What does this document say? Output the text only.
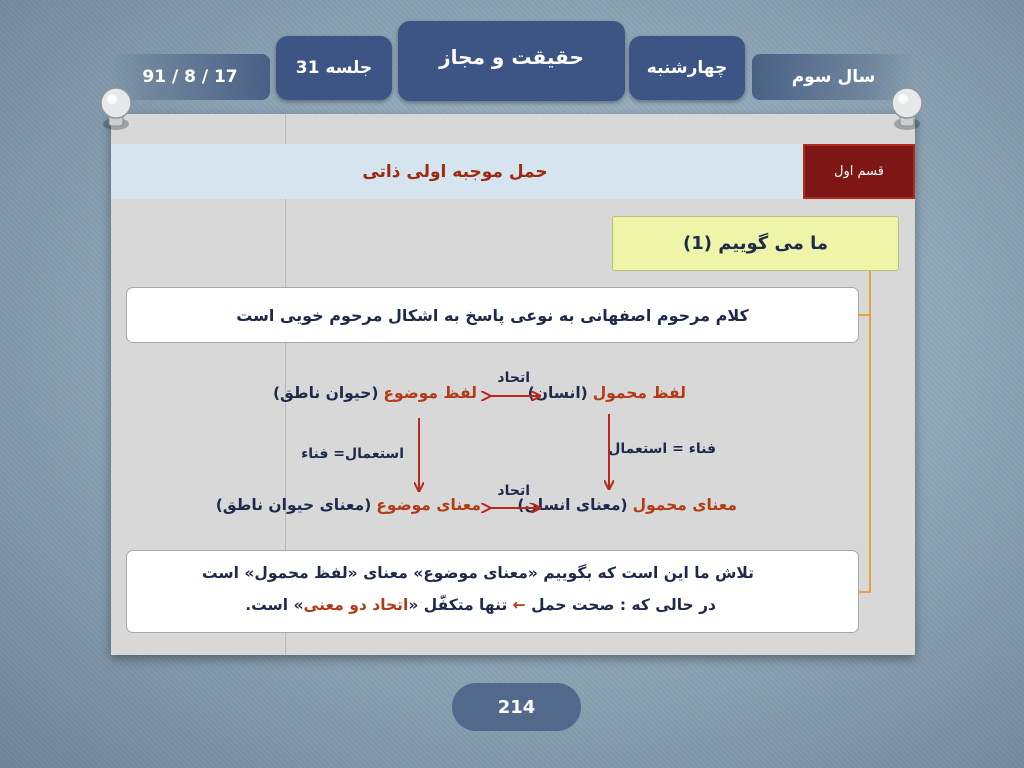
91 / 8 / 17	جلسه 31	حقیقت و مجاز	چهارشنبه	سال سوم
حمل موجبه اولی ذاتی	قسم اول
ما می گوییم (1)
کلام مرحوم اصفهانی به نوعی پاسخ به اشکال مرحوم خویی است
لفظ محمول (انسان)
لفظ موضوع (حیوان ناطق)
اتحاد
فناء = استعمال
استعمال= فناء
معنای محمول (معنای انسان)
معنای موضوع (معنای حیوان ناطق)
اتحاد
تلاش ما این است که بگوییم «معنای موضوع» معنای «لفظ محمول» است
در حالی که : صحت حمل ← تنها متکفّل «اتحاد دو معنی» است.
214
